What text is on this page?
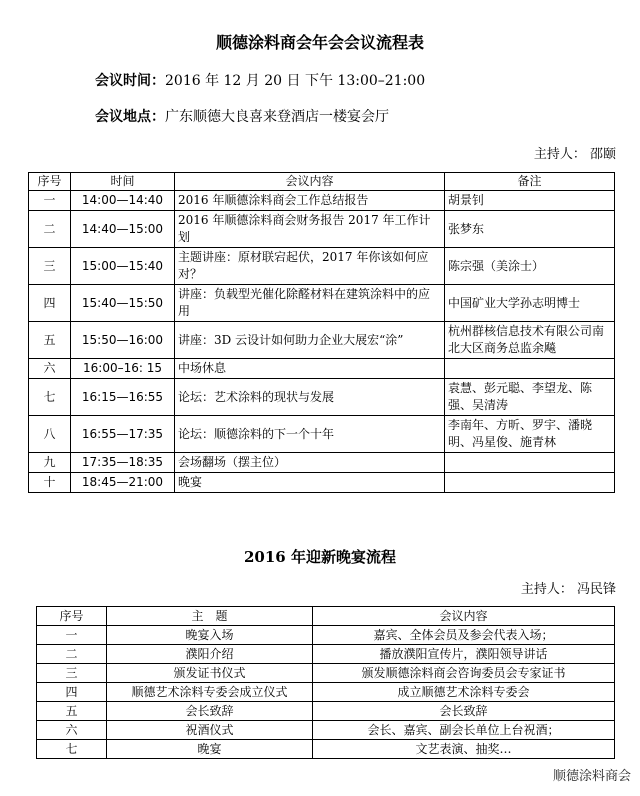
顺德涂料商会年会会议流程表
会议时间：2016 年 12 月 20 日 下午 13:00–21:00
会议地点：广东顺德大良喜来登酒店一楼宴会厅
主持人： 邵颐
序号	时间	会议内容	备注
一	14:00—14:40	2016 年顺德涂料商会工作总结报告	胡景钊
二	14:40—15:00	2016 年顺德涂料商会财务报告 2017 年工作计划	张梦东
三	15:00—15:40	主题讲座：原材联宕起伏，2017 年你该如何应对？	陈宗强（美涂士）
四	15:40—15:50	讲座：负载型光催化除醛材料在建筑涂料中的应用	中国矿业大学孙志明博士
五	15:50—16:00	讲座：3D 云设计如何助力企业大展宏“涂”	杭州群核信息技术有限公司南北大区商务总监余飚
六	16:00–16: 15	中场休息	
七	16:15—16:55	论坛：艺术涂料的现状与发展	袁慧、彭元聪、李望龙、陈强、吴清涛
八	16:55—17:35	论坛：顺德涂料的下一个十年	李南年、方昕、罗宇、潘晓明、冯星俊、施青林
九	17:35—18:35	会场翻场（摆主位）	
十	18:45—21:00	晚宴	
2016 年迎新晚宴流程
主持人： 冯民锋
序号	主　题	会议内容
一	晚宴入场	嘉宾、全体会员及参会代表入场；
二	濮阳介绍	播放濮阳宣传片，濮阳领导讲话
三	颁发证书仪式	颁发顺德涂料商会咨询委员会专家证书
四	顺德艺术涂料专委会成立仪式	成立顺德艺术涂料专委会
五	会长致辞	会长致辞
六	祝酒仪式	会长、嘉宾、副会长单位上台祝酒；
七	晚宴	文艺表演、抽奖…
顺德涂料商会
